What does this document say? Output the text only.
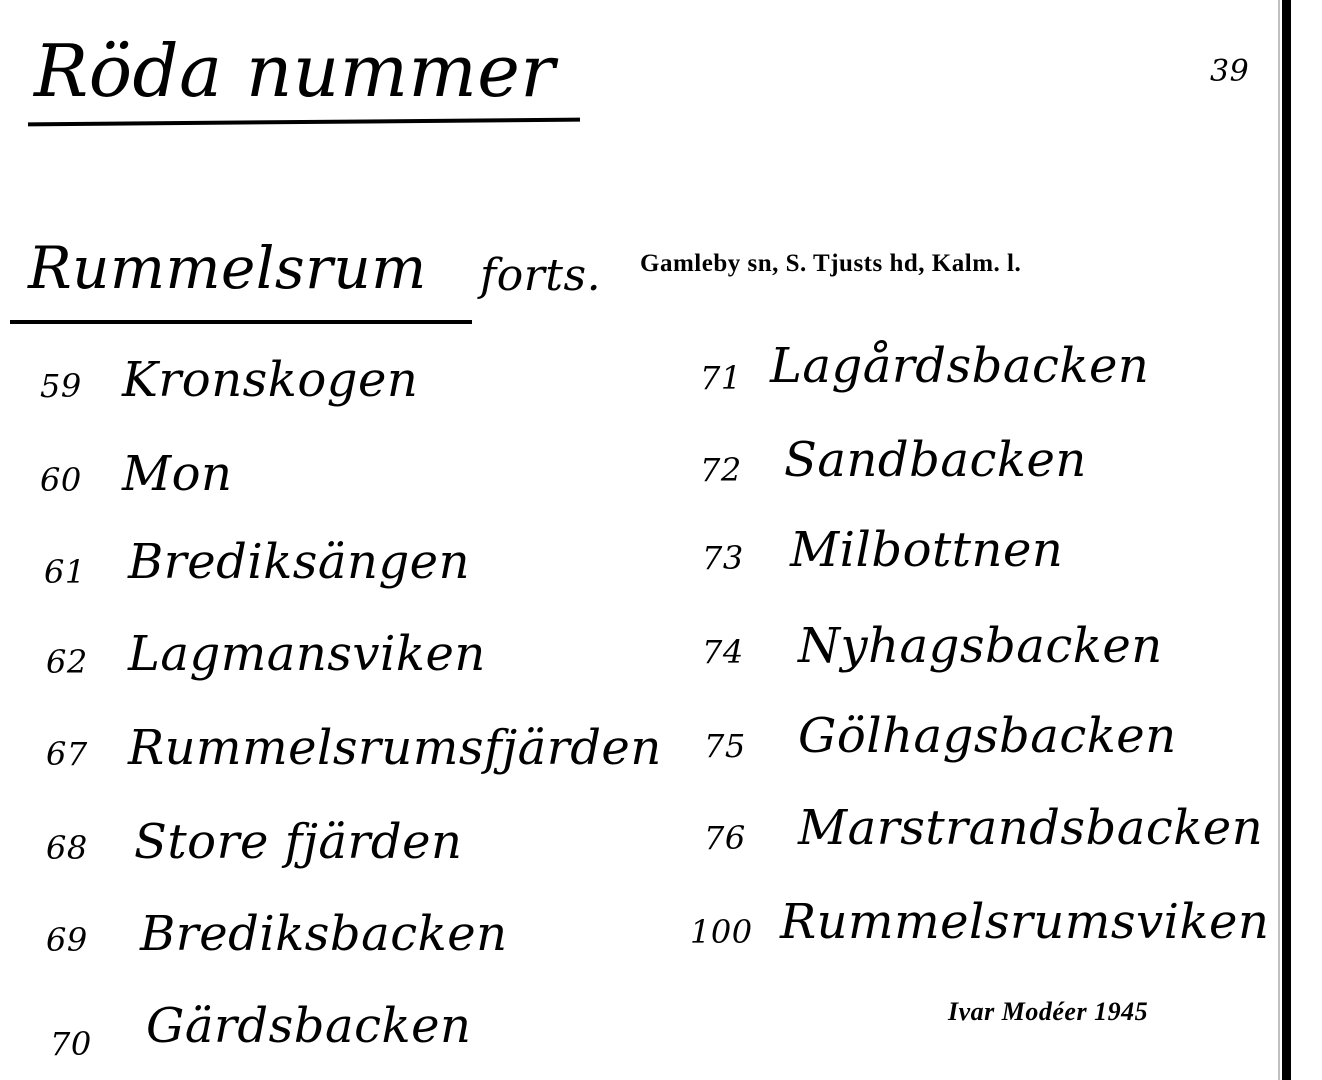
Röda nummer	39
Rummelsrum forts. Gamleby sn, S. Tjusts hd, Kalm. l.
59 Kronskogen
60 Mon
61 Brediksängen
62 Lagmansviken
67 Rummelsrumsfjärden
68 Store fjärden
69 Brediksbacken
70 Gärdsbacken
71 Lagårdsbacken
72 Sandbacken
73 Milbottnen
74 Nyhagsbacken
75 Gölhagsbacken
76 Marstrandsbacken
100 Rummelsrumsviken
Ivar Modéer 1945
